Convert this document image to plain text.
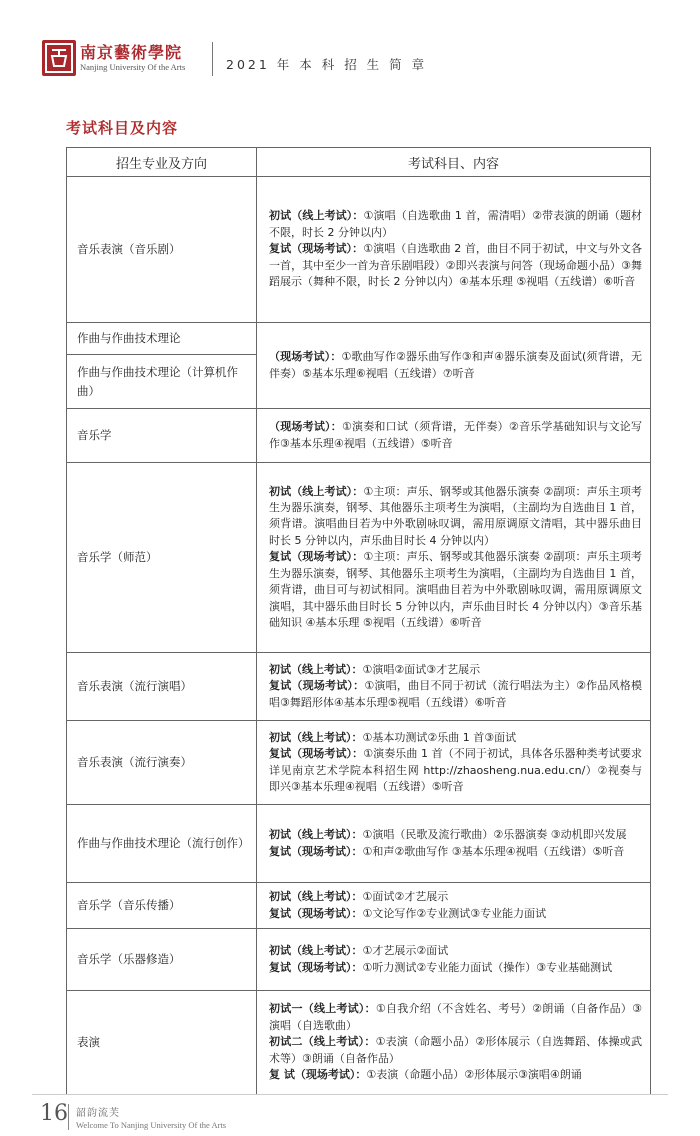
南京藝術學院
Nanjing University Of the Arts	2021 年 本 科 招 生 简 章
考试科目及内容
招生专业及方向	考试科目、内容
音乐表演（音乐剧）	初试（线上考试）：①演唱（自选歌曲 1 首，需清唱）②带表演的朗诵（题材不限，时长 2 分钟以内）
复试（现场考试）：①演唱（自选歌曲 2 首，曲目不同于初试，中文与外文各一首，其中至少一首为音乐剧唱段）②即兴表演与问答（现场命题小品）③舞蹈展示（舞种不限，时长 2 分钟以内）④基本乐理 ⑤视唱（五线谱）⑥听音
作曲与作曲技术理论	（现场考试）：①歌曲写作②器乐曲写作③和声④器乐演奏及面试(须背谱，无伴奏）⑤基本乐理⑥视唱（五线谱）⑦听音
作曲与作曲技术理论（计算机作曲）	
音乐学	（现场考试）：①演奏和口试（须背谱，无伴奏）②音乐学基础知识与文论写作③基本乐理④视唱（五线谱）⑤听音
音乐学（师范）	初试（线上考试）：①主项：声乐、钢琴或其他器乐演奏 ②副项：声乐主项考生为器乐演奏，钢琴、其他器乐主项考生为演唱，（主副均为自选曲目 1 首，须背谱。演唱曲目若为中外歌剧咏叹调，需用原调原文清唱，其中器乐曲目时长 5 分钟以内，声乐曲目时长 4 分钟以内）
复试（现场考试）：①主项：声乐、钢琴或其他器乐演奏 ②副项：声乐主项考生为器乐演奏，钢琴、其他器乐主项考生为演唱，（主副均为自选曲目 1 首，须背谱，曲目可与初试相同。演唱曲目若为中外歌剧咏叹调，需用原调原文演唱，其中器乐曲目时长 5 分钟以内，声乐曲目时长 4 分钟以内）③音乐基础知识 ④基本乐理 ⑤视唱（五线谱）⑥听音
音乐表演（流行演唱）	初试（线上考试）：①演唱②面试③才艺展示
复试（现场考试）：①演唱，曲目不同于初试（流行唱法为主）②作品风格模唱③舞蹈形体④基本乐理⑤视唱（五线谱）⑥听音
音乐表演（流行演奏）	初试（线上考试）：①基本功测试②乐曲 1 首③面试
复试（现场考试）：①演奏乐曲 1 首（不同于初试，具体各乐器种类考试要求详见南京艺术学院本科招生网 http://zhaosheng.nua.edu.cn/）②视奏与即兴③基本乐理④视唱（五线谱）⑤听音
作曲与作曲技术理论（流行创作）	初试（线上考试）：①演唱（民歌及流行歌曲）②乐器演奏 ③动机即兴发展
复试（现场考试）：①和声②歌曲写作 ③基本乐理④视唱（五线谱）⑤听音
音乐学（音乐传播）	初试（线上考试）：①面试②才艺展示
复试（现场考试）：①文论写作②专业测试③专业能力面试
音乐学（乐器修造）	初试（线上考试）：①才艺展示②面试
复试（现场考试）：①听力测试②专业能力面试（操作）③专业基础测试
表演	初试一（线上考试）：①自我介绍（不含姓名、考号）②朗诵（自备作品）③演唱（自选歌曲）
初试二（线上考试）：①表演（命题小品）②形体展示（自选舞蹈、体操或武术等）③朗诵（自备作品）
复 试（现场考试）：①表演（命题小品）②形体展示③演唱④朗诵
16 韶韵流芙
Welcome To Nanjing University Of the Arts
